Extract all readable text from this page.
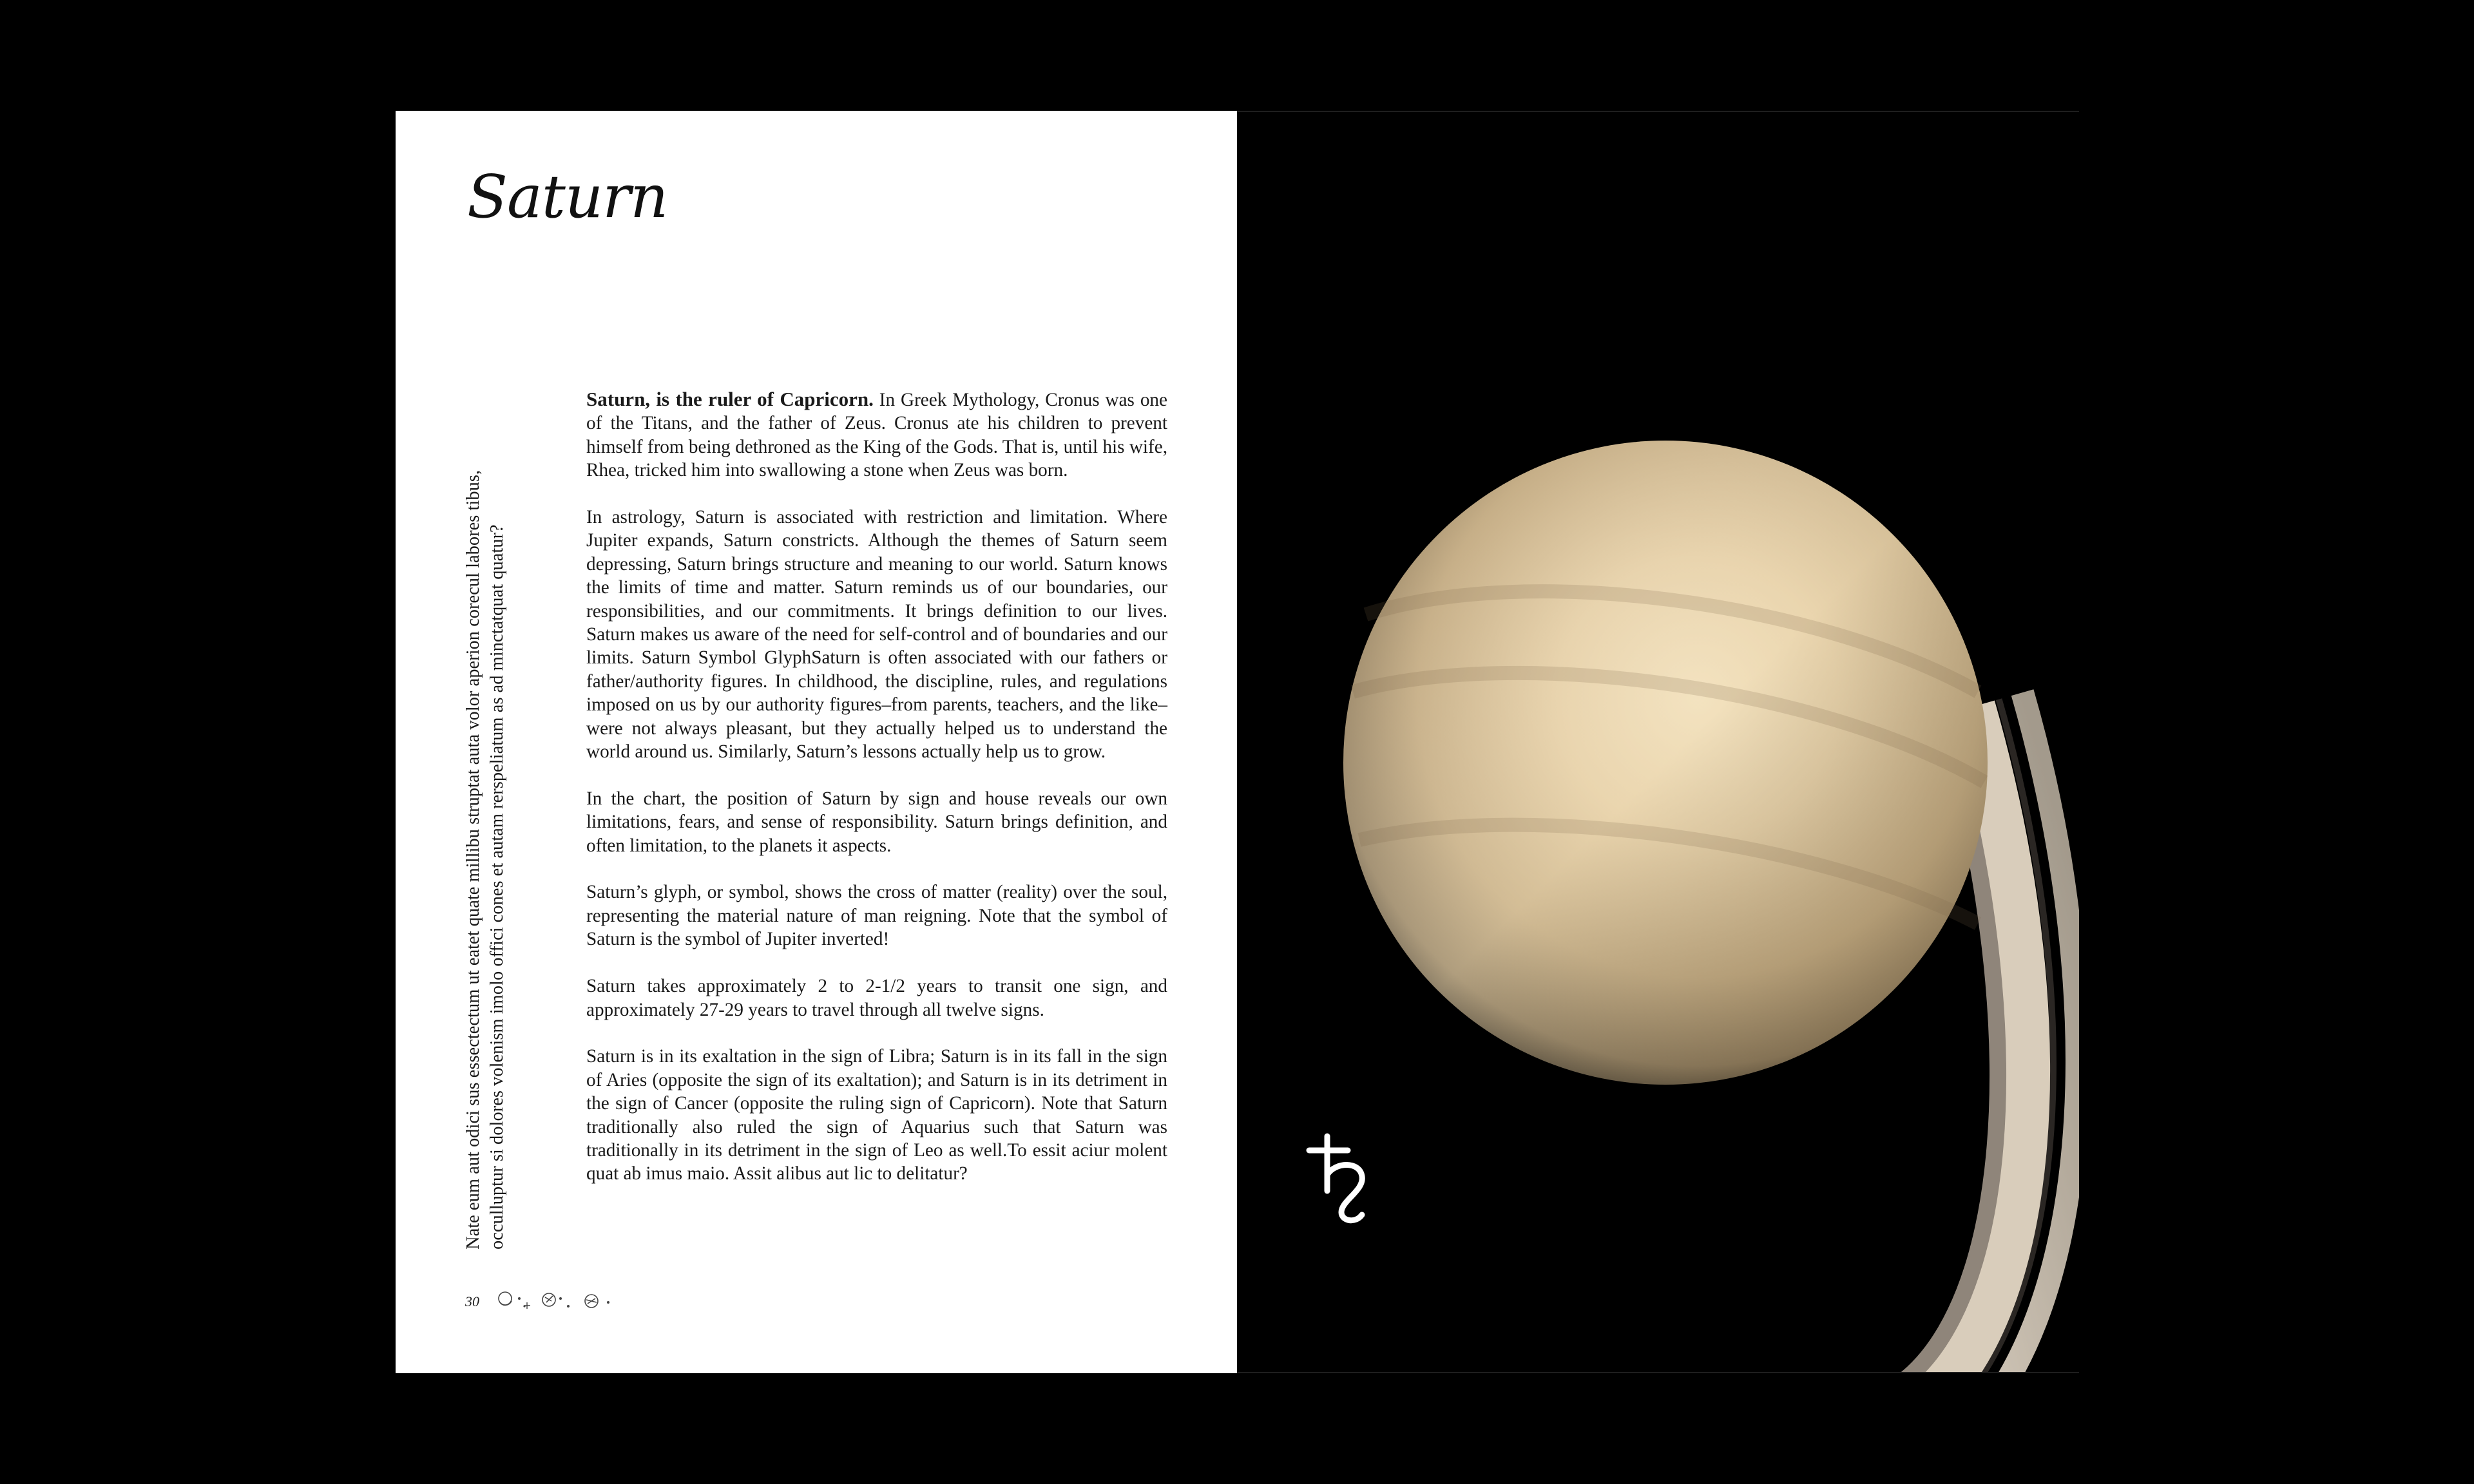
Saturn
Nate eum aut odici sus essectectum ut eatet quate millibu struptat auta volor aperion corecul labores tibus, occulluptur si dolores volenism imolo offici cones et autam rerspeliatum as ad minctatquat quatur?

Saturn, is the ruler of Capricorn. In Greek Mythology, Cronus was one of the Titans, and the father of Zeus. Cronus ate his children to prevent himself from being dethroned as the King of the Gods. That is, until his wife, Rhea, tricked him into swallowing a stone when Zeus was born.

In astrology, Saturn is associated with restriction and limitation. Where Jupiter expands, Saturn constricts. Although the themes of Saturn seem depressing, Saturn brings structure and meaning to our world. Saturn knows the limits of time and matter. Saturn reminds us of our boundaries, our responsibilities, and our commitments. It brings definition to our lives. Saturn makes us aware of the need for self-control and of boundaries and our limits. Saturn Symbol GlyphSaturn is often associated with our fathers or father/authority figures. In childhood, the discipline, rules, and regulations imposed on us by our authority figures–from parents, teachers, and the like–were not always pleasant, but they actually helped us to understand the world around us. Similarly, Saturn’s lessons actually help us to grow.

In the chart, the position of Saturn by sign and house reveals our own limitations, fears, and sense of responsibility. Saturn brings definition, and often limitation, to the planets it aspects.

Saturn’s glyph, or symbol, shows the cross of matter (reality) over the soul, representing the material nature of man reigning. Note that the symbol of Saturn is the symbol of Jupiter inverted!

Saturn takes approximately 2 to 2-1/2 years to transit one sign, and approximately 27-29 years to travel through all twelve signs.

Saturn is in its exaltation in the sign of Libra; Saturn is in its fall in the sign of Aries (opposite the sign of its exaltation); and Saturn is in its detriment in the sign of Cancer (opposite the ruling sign of Capricorn). Note that Saturn traditionally also ruled the sign of Aquarius such that Saturn was traditionally in its detriment in the sign of Leo as well.To essit aciur molent quat ab imus maio. Assit alibus aut lic to delitatur?

30
